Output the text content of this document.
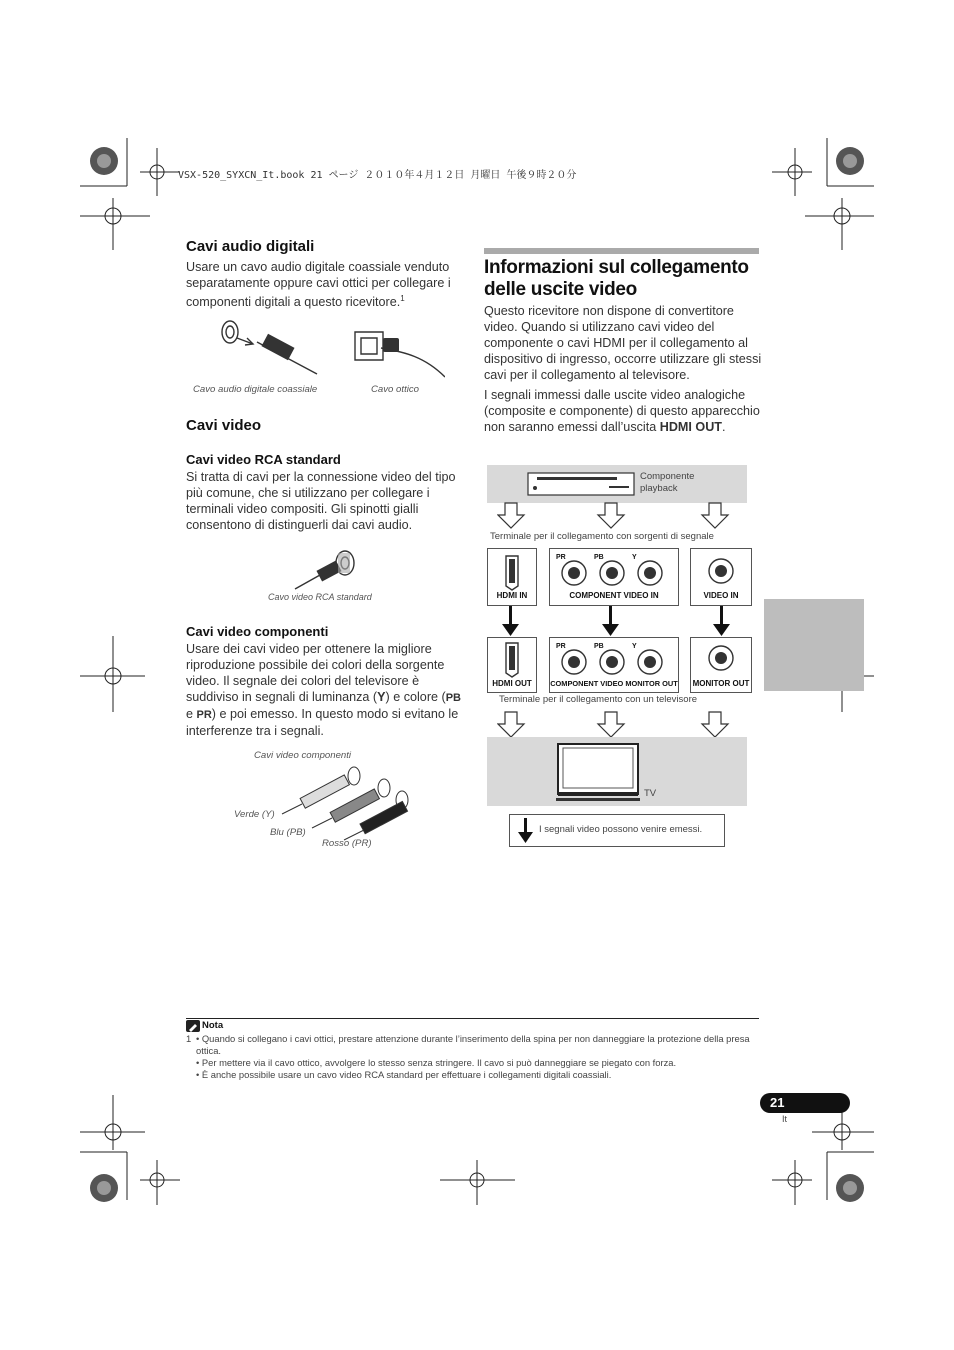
VSX-520_SYXCN_It.book 21 ページ ２０１０年４月１２日 月曜日 午後９時２０分
Cavi audio digitali
Usare un cavo audio digitale coassiale venduto separatamente oppure cavi ottici per collegare i componenti digitali a questo ricevitore.$^1$
Cavo audio digitale coassiale	Cavo ottico
Cavi video
Cavi video RCA standard
Si tratta di cavi per la connessione video del tipo più comune, che si utilizzano per collegare i terminali video compositi. Gli spinotti gialli consentono di distinguerli dai cavi audio.
Cavo video RCA standard
Cavi video componenti
Usare dei cavi video per ottenere la migliore riproduzione possibile dei colori della sorgente video. Il segnale dei colori del televisore è suddiviso in segnali di luminanza (Y) e colore (PB e PR) e poi emesso. In questo modo si evitano le interferenze tra i segnali.
Cavi video componenti
Verde (Y)
Blu (PB)
Rosso (PR)
Informazioni sul collegamento delle uscite video
Questo ricevitore non dispone di convertitore video. Quando si utilizzano cavi video del componente o cavi HDMI per il collegamento al dispositivo di ingresso, occorre utilizzare gli stessi cavi per il collegamento al televisore.
I segnali immessi dalle uscite video analogiche (composite e componente) di questo apparecchio non saranno emessi dall’uscita HDMI OUT.
Componente
playback
Terminale per il collegamento con sorgenti di segnale
HDMI IN
PR	PB	Y
COMPONENT VIDEO IN	VIDEO IN
HDMI OUT
PR	PB	Y
COMPONENT VIDEO MONITOR OUT MONITOR OUT
Terminale per il collegamento con un televisore
TV
I segnali video possono venire emessi.
Nota
1 • Quando si collegano i cavi ottici, prestare attenzione durante l’inserimento della spina per non danneggiare la protezione della presa ottica.
• Per mettere via il cavo ottico, avvolgere lo stesso senza stringere. Il cavo si può danneggiare se piegato con forza.
• È anche possibile usare un cavo video RCA standard per effettuare i collegamenti digitali coassiali.
21
It
